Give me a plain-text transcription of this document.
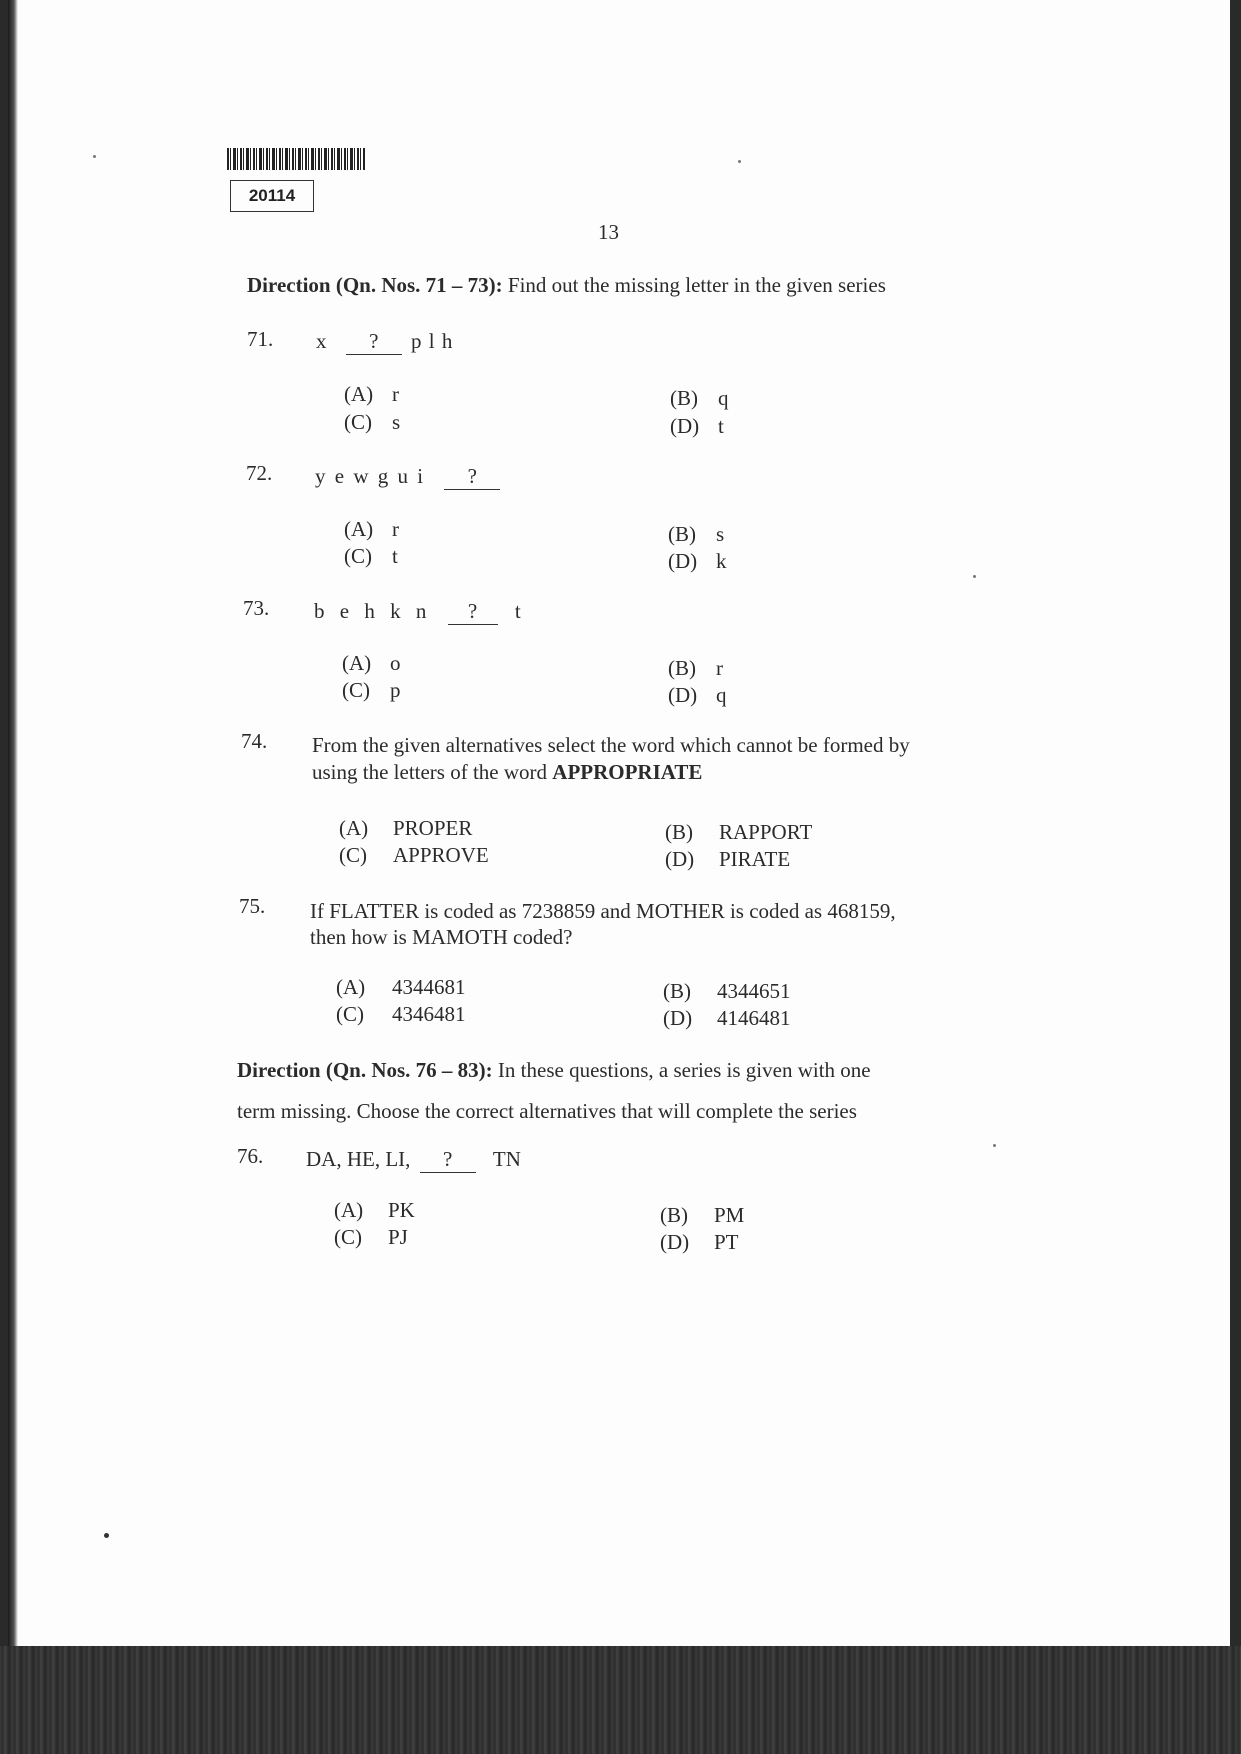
20114
13
Direction (Qn. Nos. 71 – 73): Find out the missing letter in the given series
71. x ? p l h
(A) r	(B) q
(C) s	(D) t
72. y e w g u i ?
(A) r	(B) s
(C) t	(D) k
73. b e h k n ? t
(A) o	(B) r
(C) p	(D) q
74. From the given alternatives select the word which cannot be formed by
using the letters of the word APPROPRIATE
(A) PROPER	(B) RAPPORT
(C) APPROVE	(D) PIRATE
75. If FLATTER is coded as 7238859 and MOTHER is coded as 468159,
then how is MAMOTH coded?
(A) 4344681	(B) 4344651
(C) 4346481	(D) 4146481
Direction (Qn. Nos. 76 – 83): In these questions, a series is given with one
term missing. Choose the correct alternatives that will complete the series
76. DA, HE, LI, ? TN
(A) PK	(B) PM
(C) PJ	(D) PT
